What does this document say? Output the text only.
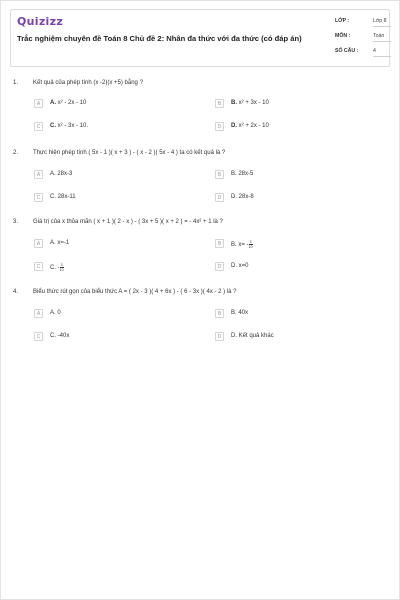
Quizizz
Trắc nghiệm chuyên đề Toán 8 Chủ đề 2: Nhân đa thức với đa thức (có đáp án)
LỚP :	Lớp 8
MÔN :	Toán
SỐ CÂU :	4
1. Kết quả của phép tính (x -2)(x +5) bằng ?
A	A. x² - 2x - 10	B	B. x² + 3x - 10
C	C. x² - 3x - 10.	D	D. x² + 2x - 10
2. Thực hiện phép tính ( 5x - 1 )( x + 3 ) - ( x - 2 )( 5x - 4 ) ta có kết quả là ?
A	A. 28x-3	B	B. 28x-5
C	C. 28x-11	D	D. 28x-8
3. Giá trị của x thỏa mãn ( x + 1 )( 2 - x ) - ( 3x + 5 )( x + 2 ) = - 4x² + 1 là ?
A	A. x=-1	B	B. $x= - \frac{3}{10}$
C	C. - $\frac{3}{10}$	D	D. x=0
4. Biểu thức rút gọn của biểu thức A = ( 2x - 3 )( 4 + 6x ) - ( 6 - 3x )( 4x - 2 ) là ?
A	A. 0	B	B. 40x
C	C. -40x	D	D. Kết quả khác
